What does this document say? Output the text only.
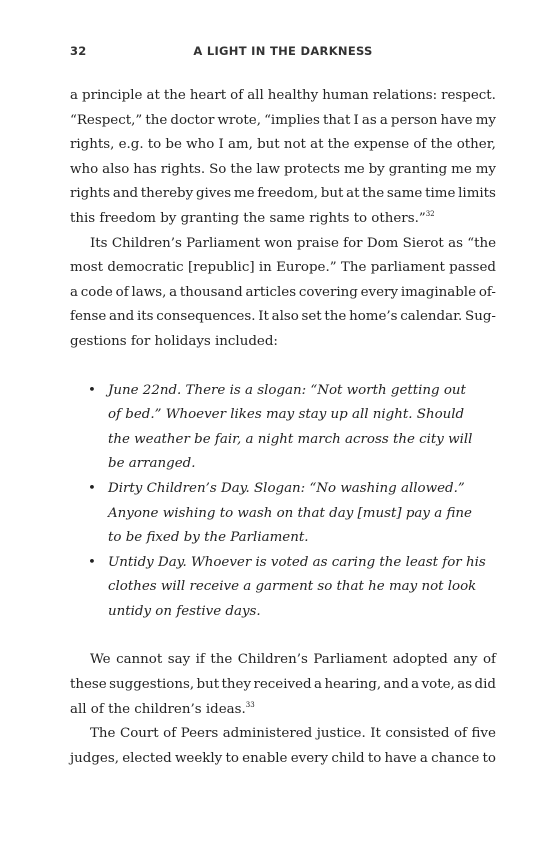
32	A LIGHT IN THE DARKNESS

a principle at the heart of all healthy human relations: respect.
“Respect,” the doctor wrote, “implies that I as a person have my
rights, e.g. to be who I am, but not at the expense of the other,
who also has rights. So the law protects me by granting me my
rights and thereby gives me freedom, but at the same time limits
this freedom by granting the same rights to others.”$^{32}$

Its Children’s Parliament won praise for Dom Sierot as “the
most democratic [republic] in Europe.” The parliament passed
a code of laws, a thousand articles covering every imaginable of-
fense and its consequences. It also set the home’s calendar. Sug-
gestions for holidays included:

• June 22nd. There is a slogan: “Not worth getting out
of bed.” Whoever likes may stay up all night. Should
the weather be fair, a night march across the city will
be arranged.
• Dirty Children’s Day. Slogan: “No washing allowed.”
Anyone wishing to wash on that day [must] pay a fine
to be fixed by the Parliament.
• Untidy Day. Whoever is voted as caring the least for his
clothes will receive a garment so that he may not look
untidy on festive days.

We cannot say if the Children’s Parliament adopted any of
these suggestions, but they received a hearing, and a vote, as did
all of the children’s ideas.$^{33}$

The Court of Peers administered justice. It consisted of five
judges, elected weekly to enable every child to have a chance to
